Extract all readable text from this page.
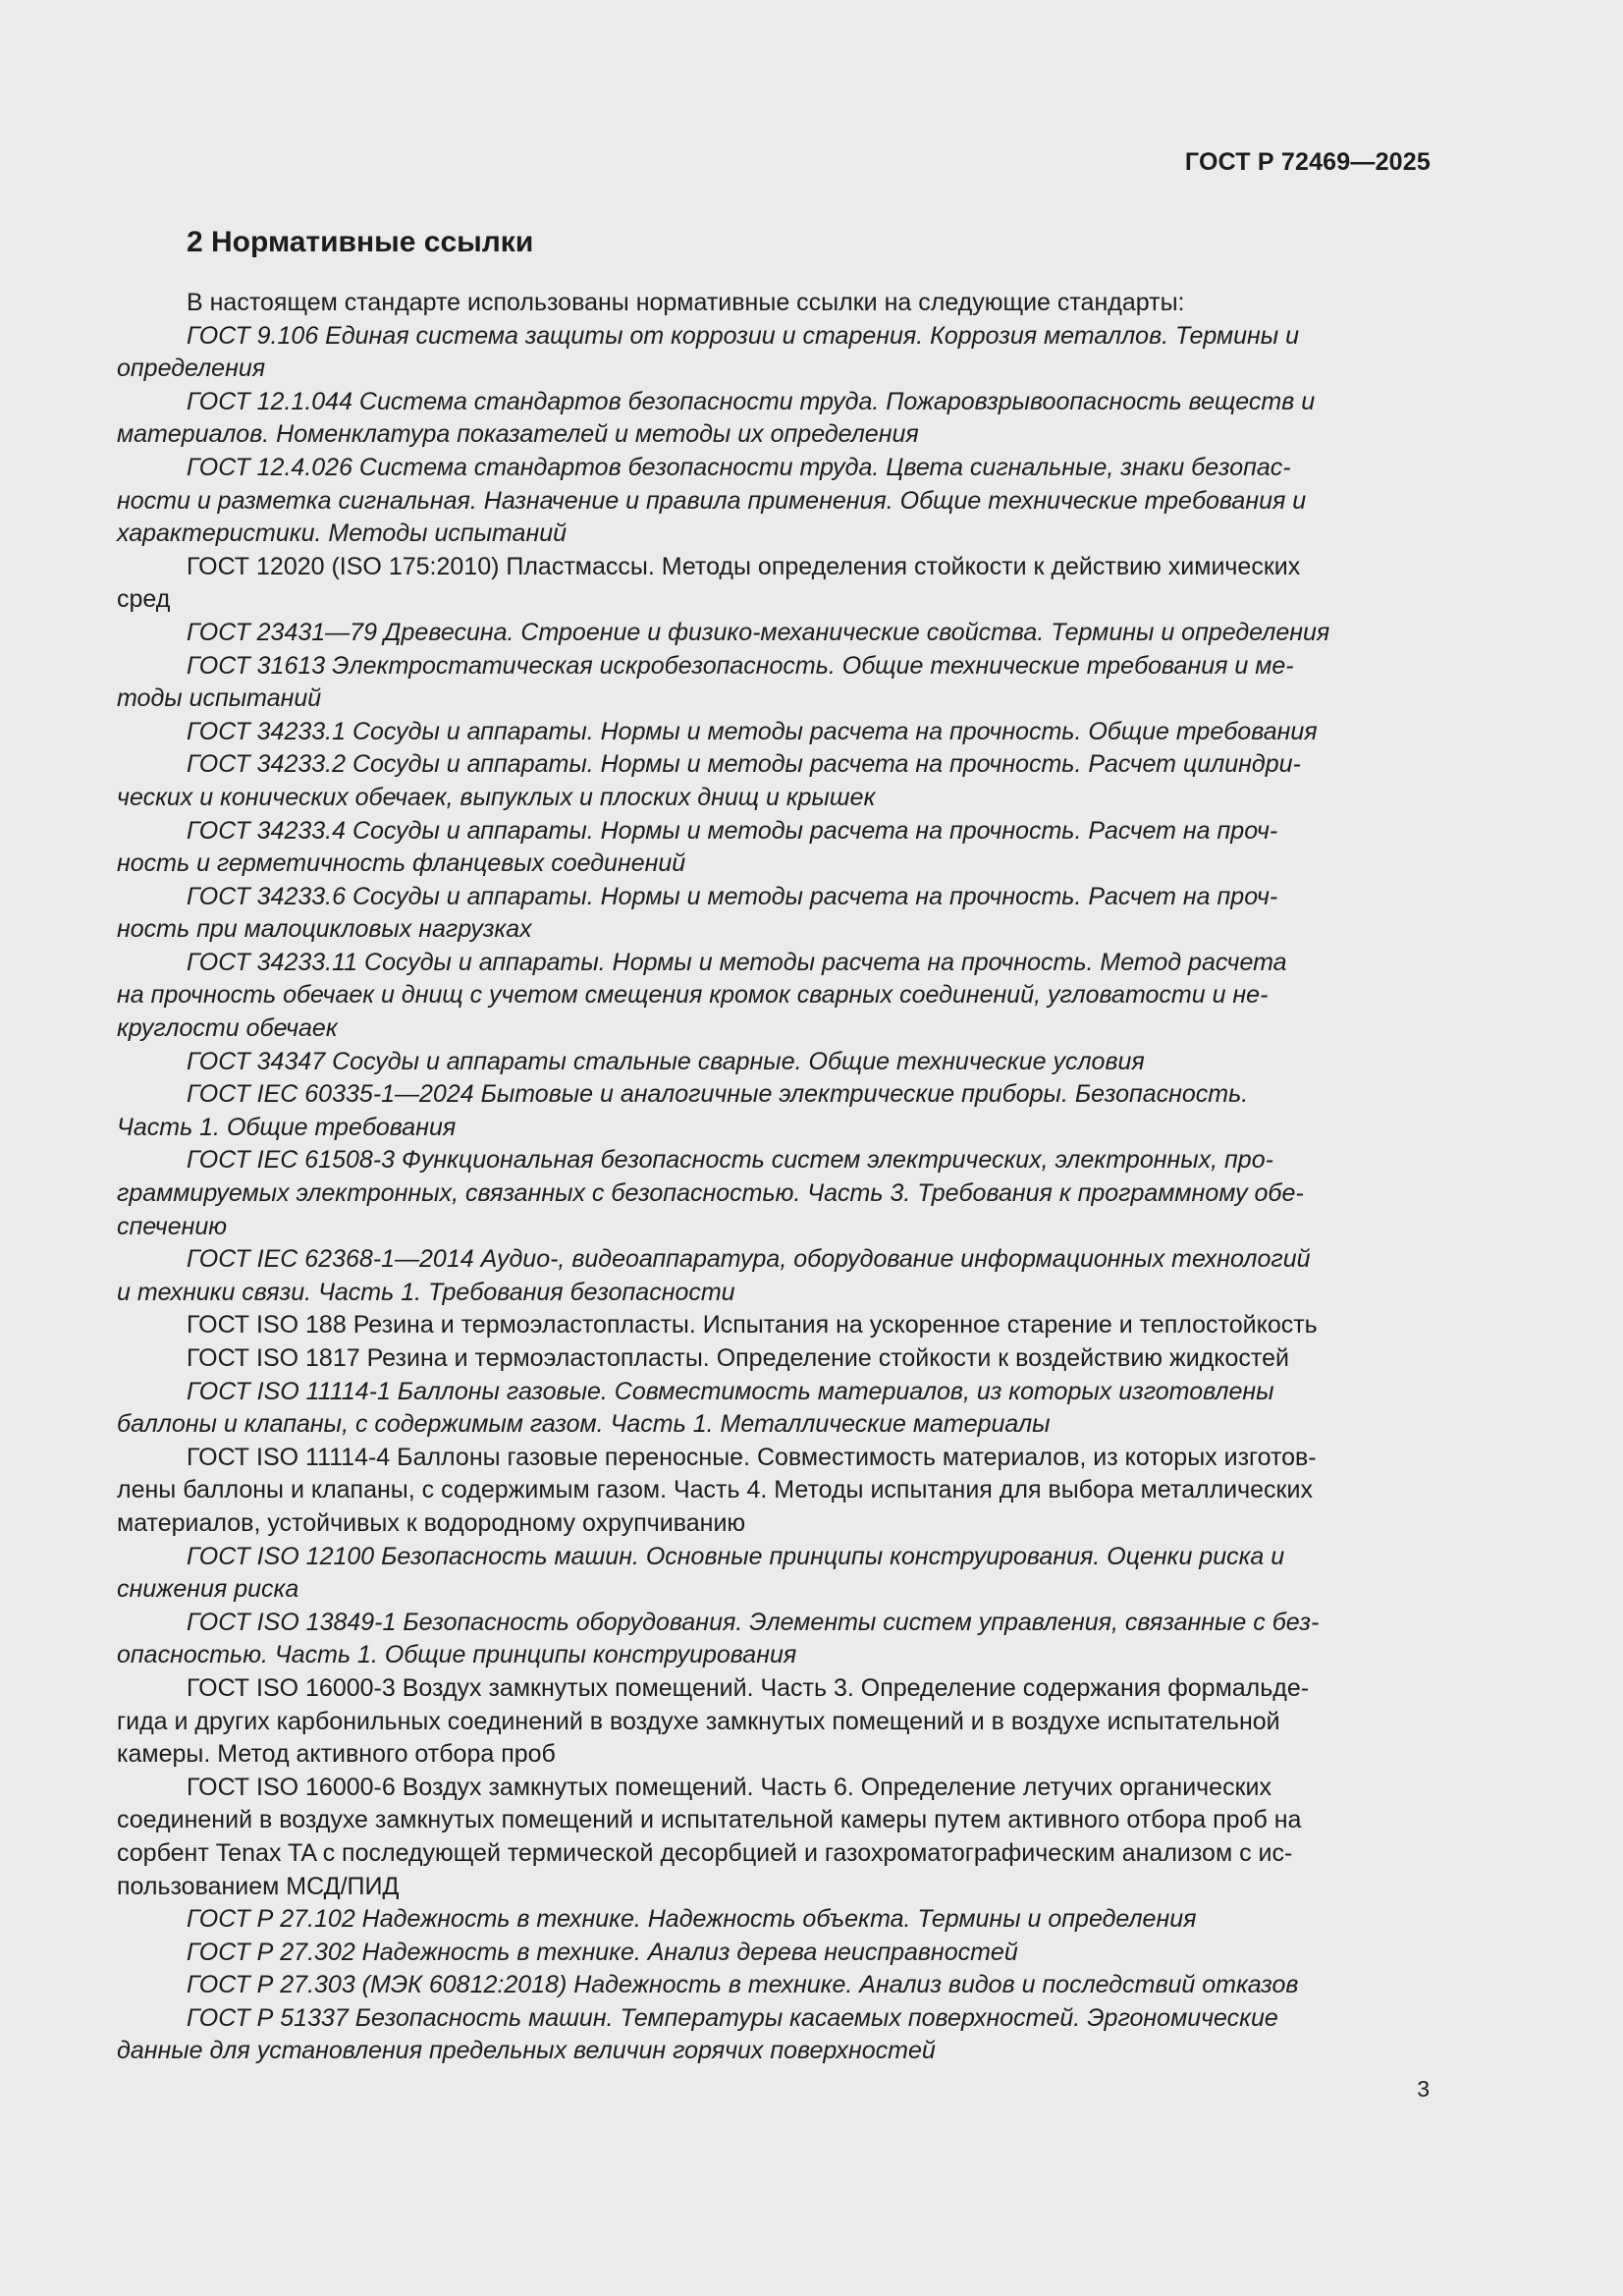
ГОСТ Р 72469—2025
2 Нормативные ссылки

В настоящем стандарте использованы нормативные ссылки на следующие стандарты:

ГОСТ 9.106 Единая система защиты от коррозии и старения. Коррозия металлов. Термины и
определения

ГОСТ 12.1.044 Система стандартов безопасности труда. Пожаровзрывоопасность веществ и
материалов. Номенклатура показателей и методы их определения

ГОСТ 12.4.026 Система стандартов безопасности труда. Цвета сигнальные, знаки безопас-
ности и разметка сигнальная. Назначение и правила применения. Общие технические требования и
характеристики. Методы испытаний

ГОСТ 12020 (ISO 175:2010) Пластмассы. Методы определения стойкости к действию химических
сред

ГОСТ 23431—79 Древесина. Строение и физико-механические свойства. Термины и определения

ГОСТ 31613 Электростатическая искробезопасность. Общие технические требования и ме-
тоды испытаний

ГОСТ 34233.1 Сосуды и аппараты. Нормы и методы расчета на прочность. Общие требования

ГОСТ 34233.2 Сосуды и аппараты. Нормы и методы расчета на прочность. Расчет цилиндри-
ческих и конических обечаек, выпуклых и плоских днищ и крышек

ГОСТ 34233.4 Сосуды и аппараты. Нормы и методы расчета на прочность. Расчет на проч-
ность и герметичность фланцевых соединений

ГОСТ 34233.6 Сосуды и аппараты. Нормы и методы расчета на прочность. Расчет на проч-
ность при малоцикловых нагрузках

ГОСТ 34233.11 Сосуды и аппараты. Нормы и методы расчета на прочность. Метод расчета
на прочность обечаек и днищ с учетом смещения кромок сварных соединений, угловатости и не-
круглости обечаек

ГОСТ 34347 Сосуды и аппараты стальные сварные. Общие технические условия

ГОСТ IEC 60335-1—2024 Бытовые и аналогичные электрические приборы. Безопасность.
Часть 1. Общие требования

ГОСТ IEC 61508-3 Функциональная безопасность систем электрических, электронных, про-
граммируемых электронных, связанных с безопасностью. Часть 3. Требования к программному обе-
спечению

ГОСТ IEC 62368-1—2014 Аудио-, видеоаппаратура, оборудование информационных технологий
и техники связи. Часть 1. Требования безопасности

ГОСТ ISO 188 Резина и термоэластопласты. Испытания на ускоренное старение и теплостойкость

ГОСТ ISO 1817 Резина и термоэластопласты. Определение стойкости к воздействию жидкостей

ГОСТ ISO 11114-1 Баллоны газовые. Совместимость материалов, из которых изготовлены
баллоны и клапаны, с содержимым газом. Часть 1. Металлические материалы

ГОСТ ISO 11114-4 Баллоны газовые переносные. Совместимость материалов, из которых изготов-
лены баллоны и клапаны, с содержимым газом. Часть 4. Методы испытания для выбора металлических
материалов, устойчивых к водородному охрупчиванию

ГОСТ ISO 12100 Безопасность машин. Основные принципы конструирования. Оценки риска и
снижения риска

ГОСТ ISO 13849-1 Безопасность оборудования. Элементы систем управления, связанные с без-
опасностью. Часть 1. Общие принципы конструирования

ГОСТ ISO 16000-3 Воздух замкнутых помещений. Часть 3. Определение содержания формальде-
гида и других карбонильных соединений в воздухе замкнутых помещений и в воздухе испытательной
камеры. Метод активного отбора проб

ГОСТ ISO 16000-6 Воздух замкнутых помещений. Часть 6. Определение летучих органических
соединений в воздухе замкнутых помещений и испытательной камеры путем активного отбора проб на
сорбент Tenax TA с последующей термической десорбцией и газохроматографическим анализом с ис-
пользованием МСД/ПИД

ГОСТ Р 27.102 Надежность в технике. Надежность объекта. Термины и определения

ГОСТ Р 27.302 Надежность в технике. Анализ дерева неисправностей

ГОСТ Р 27.303 (МЭК 60812:2018) Надежность в технике. Анализ видов и последствий отказов

ГОСТ Р 51337 Безопасность машин. Температуры касаемых поверхностей. Эргономические
данные для установления предельных величин горячих поверхностей

3
